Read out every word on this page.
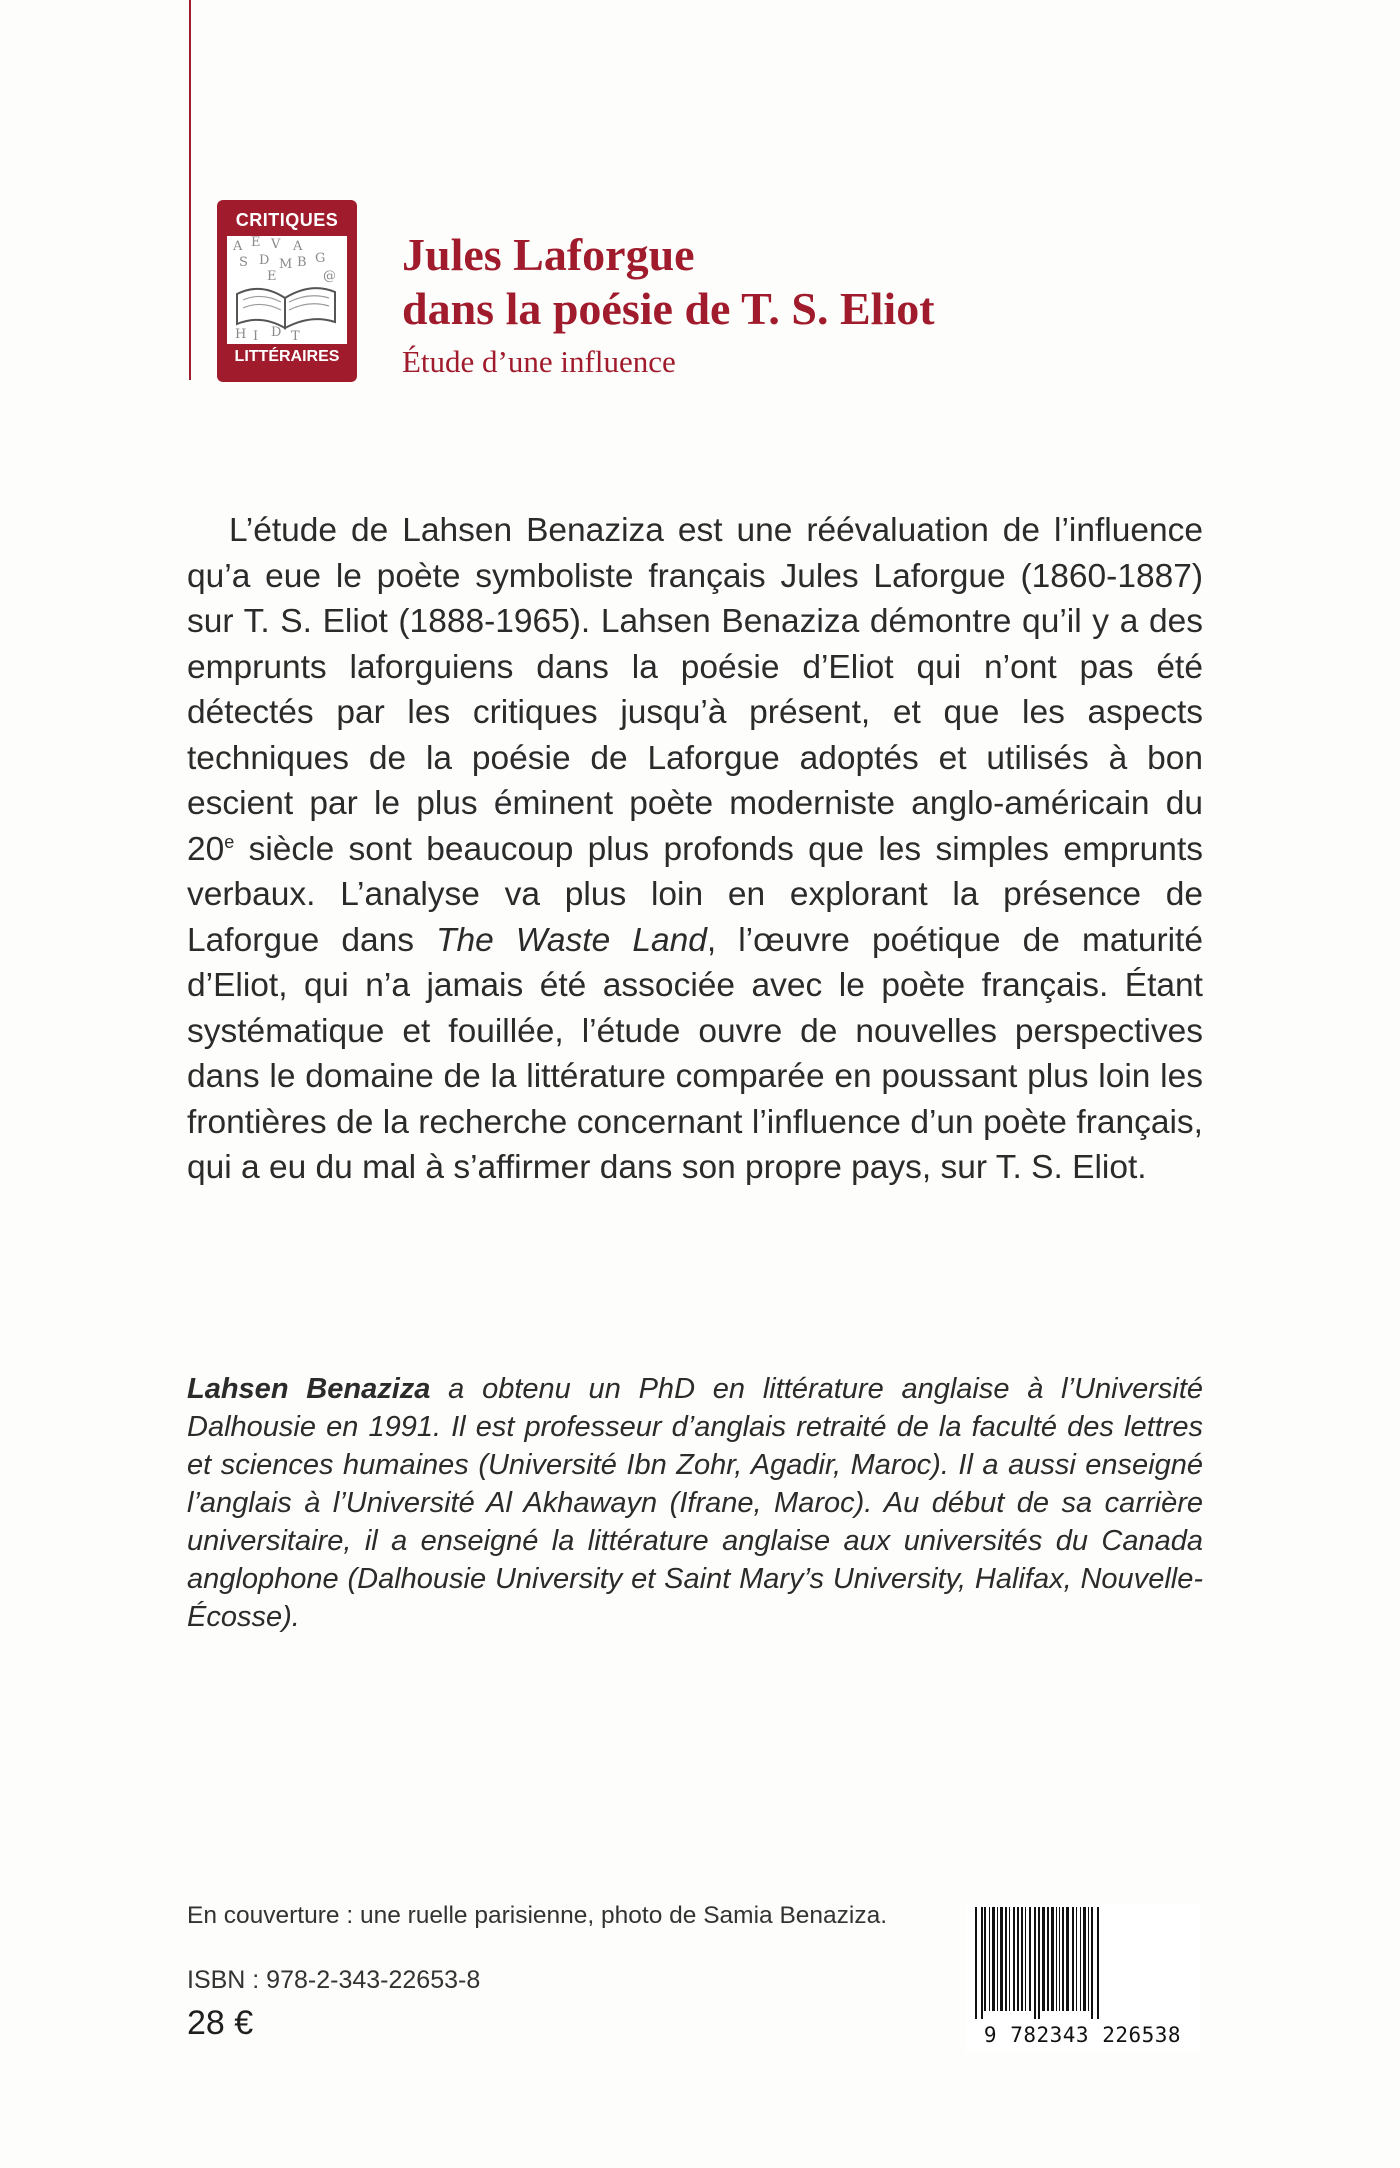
CRITIQUES
A E V A
S D M B G
E	@
H I D T
LITTÉRAIRES
Jules Laforgue
dans la poésie de T. S. Eliot
Étude d’une influence
L’étude de Lahsen Benaziza est une réévaluation de l’influence qu’a eue le poète symboliste français Jules Laforgue (1860-1887) sur T. S. Eliot (1888-1965). Lahsen Benaziza démontre qu’il y a des emprunts laforguiens dans la poésie d’Eliot qui n’ont pas été détectés par les critiques jusqu’à présent, et que les aspects techniques de la poésie de Laforgue adoptés et utilisés à bon escient par le plus éminent poète moderniste anglo-américain du 20e siècle sont beaucoup plus profonds que les simples emprunts verbaux. L’analyse va plus loin en explorant la présence de Laforgue dans The Waste Land, l’œuvre poétique de maturité d’Eliot, qui n’a jamais été associée avec le poète français. Étant systématique et fouillée, l’étude ouvre de nouvelles perspectives dans le domaine de la littérature comparée en poussant plus loin les frontières de la recherche concernant l’influence d’un poète français, qui a eu du mal à s’affirmer dans son propre pays, sur T. S. Eliot.
Lahsen Benaziza a obtenu un PhD en littérature anglaise à l’Université Dalhousie en 1991. Il est professeur d’anglais retraité de la faculté des lettres et sciences humaines (Université Ibn Zohr, Agadir, Maroc). Il a aussi enseigné l’anglais à l’Université Al Akhawayn (Ifrane, Maroc). Au début de sa carrière universitaire, il a enseigné la littérature anglaise aux universités du Canada anglophone (Dalhousie University et Saint Mary’s University, Halifax, Nouvelle-Écosse).
En couverture : une ruelle parisienne, photo de Samia Benaziza.
ISBN : 978-2-343-22653-8
28 €	9 782343 226538
